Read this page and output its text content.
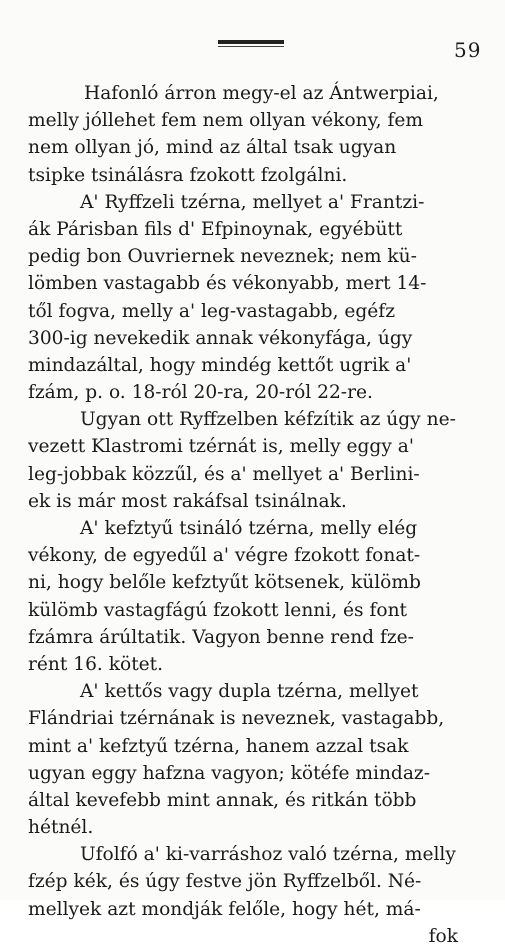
59
Hafonló árron megy-el az Ántwerpiai,
melly jóllehet fem nem ollyan vékony, fem
nem ollyan jó, mind az által tsak ugyan
tsipke tsinálásra fzokott fzolgálni.
A' Ryffzeli tzérna, mellyet a' Frantzi-
ák Párisban fils d' Efpinoynak, egyébütt
pedig bon Ouvriernek neveznek; nem kü-
lömben vastagabb és vékonyabb, mert 14-
től fogva, melly a' leg-vastagabb, egéfz
300-ig nevekedik annak vékonyfága, úgy
mindazáltal, hogy mindég kettőt ugrik a'
fzám, p. o. 18-ról 20-ra, 20-ról 22-re.
Ugyan ott Ryffzelben kéfzítik az úgy ne-
vezett Klastromi tzérnát is, melly eggy a'
leg-jobbak közzűl, és a' mellyet a' Berlini-
ek is már most rakáfsal tsinálnak.
A' kefztyű tsináló tzérna, melly elég
vékony, de egyedűl a' végre fzokott fonat-
ni, hogy belőle kefztyűt kötsenek, külömb
külömb vastagfágú fzokott lenni, és font
fzámra árúltatik. Vagyon benne rend fze-
rént 16. kötet.
A' kettős vagy dupla tzérna, mellyet
Flándriai tzérnának is neveznek, vastagabb,
mint a' kefztyű tzérna, hanem azzal tsak
ugyan eggy hafzna vagyon; kötéfe mindaz-
által kevefebb mint annak, és ritkán több
hétnél.
Ufolfó a' ki-varráshoz való tzérna, melly
fzép kék, és úgy festve jön Ryffzelből. Né-
mellyek azt mondják felőle, hogy hét, má-
fok
